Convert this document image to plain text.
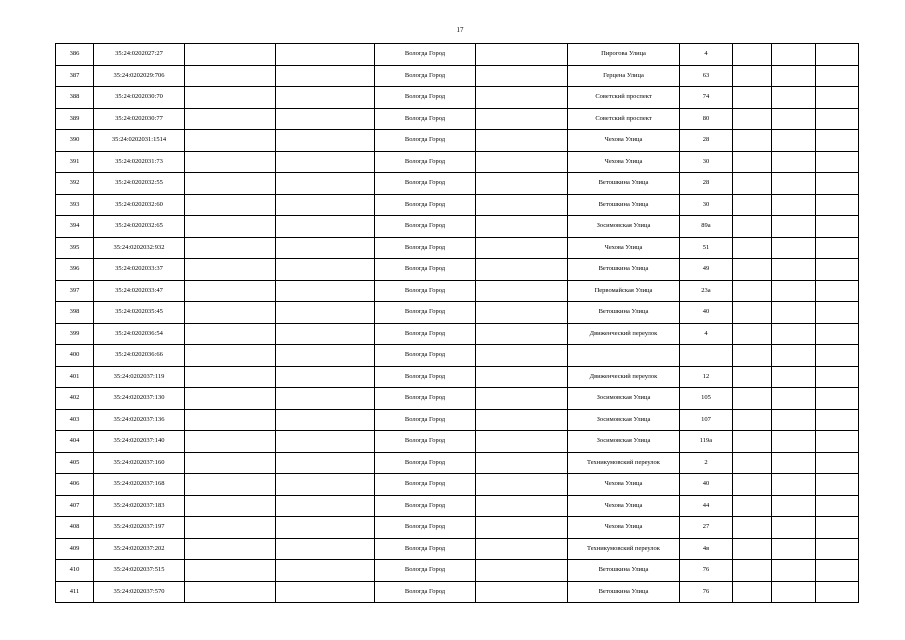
17
386	35:24:0202027:27			Вологда Город		Пирогова Улица	4			
387	35:24:0202029:706			Вологда Город		Герцена Улица	63			
388	35:24:0202030:70			Вологда Город		Советский проспект	74			
389	35:24:0202030:77			Вологда Город		Советский проспект	80			
390	35:24:0202031:1514			Вологда Город		Чехова Улица	28			
391	35:24:0202031:73			Вологда Город		Чехова Улица	30			
392	35:24:0202032:55			Вологда Город		Ветошкина Улица	28			
393	35:24:0202032:60			Вологда Город		Ветошкина Улица	30			
394	35:24:0202032:65			Вологда Город		Зосимовская Улица	89а			
395	35:24:0202032:932			Вологда Город		Чехова Улица	51			
396	35:24:0202033:37			Вологда Город		Ветошкина Улица	49			
397	35:24:0202033:47			Вологда Город		Первомайская Улица	23а			
398	35:24:0202035:45			Вологда Город		Ветошкина Улица	40			
399	35:24:0202036:54			Вологда Город		Движенческий переулок	4			
400	35:24:0202036:66			Вологда Город						
401	35:24:0202037:119			Вологда Город		Движенческий переулок	12			
402	35:24:0202037:130			Вологда Город		Зосимовская Улица	105			
403	35:24:0202037:136			Вологда Город		Зосимовская Улица	107			
404	35:24:0202037:140			Вологда Город		Зосимовская Улица	119а			
405	35:24:0202037:160			Вологда Город		Техникумовский переулок	2			
406	35:24:0202037:168			Вологда Город		Чехова Улица	40			
407	35:24:0202037:183			Вологда Город		Чехова Улица	44			
408	35:24:0202037:197			Вологда Город		Чехова Улица	27			
409	35:24:0202037:202			Вологда Город		Техникумовский переулок	4в			
410	35:24:0202037:515			Вологда Город		Ветошкина Улица	76			
411	35:24:0202037:570			Вологда Город		Ветошкина Улица	76			
